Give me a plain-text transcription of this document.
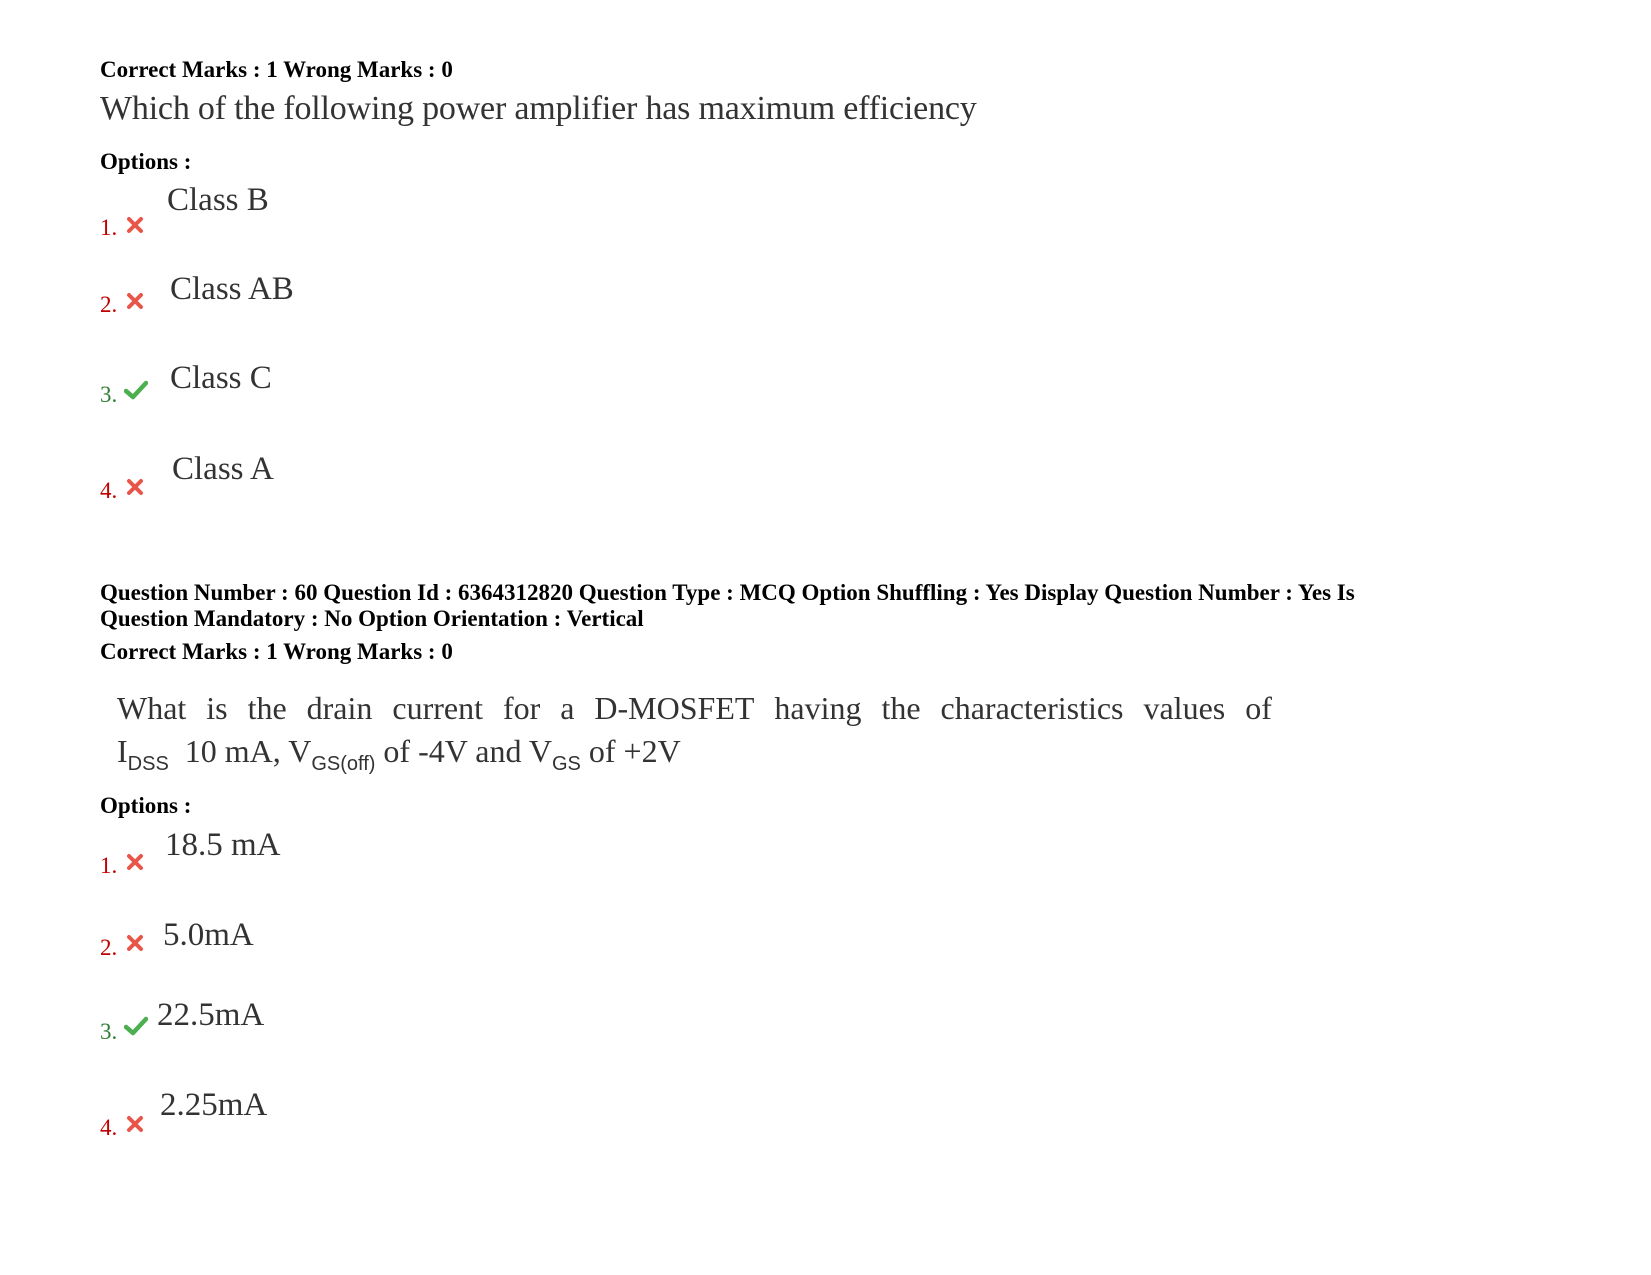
Correct Marks : 1 Wrong Marks : 0
Which of the following power amplifier has maximum efficiency
Options :
1.
Class B
2. Class AB
3. Class C
4.
Class A
Question Number : 60 Question Id : 6364312820 Question Type : MCQ Option Shuffling : Yes Display Question Number : Yes Is
Question Mandatory : No Option Orientation : Vertical
Correct Marks : 1 Wrong Marks : 0
What is the drain current for a D-MOSFET having the characteristics values of
$I_{DSS}$ 10 mA, $V_{GS(off)}$ of -4V and $V_{GS}$ of +2V
Options :
1.
18.5 mA
2. 5.0mA
3. 22.5mA
4.
2.25mA
